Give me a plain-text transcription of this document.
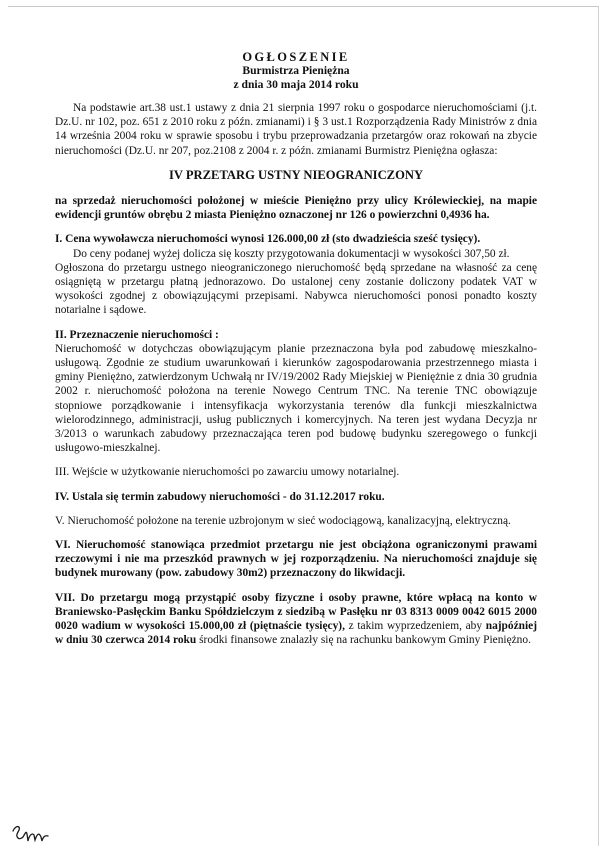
OGŁOSZENIE
Burmistrza Pieniężna
z dnia 30 maja 2014 roku
Na podstawie art.38 ust.1 ustawy z dnia 21 sierpnia 1997 roku o gospodarce nieruchomościami (j.t. Dz.U. nr 102, poz. 651 z 2010 roku z późn. zmianami) i § 3 ust.1 Rozporządzenia Rady Ministrów z dnia 14 września 2004 roku w sprawie sposobu i trybu przeprowadzania przetargów oraz rokowań na zbycie nieruchomości (Dz.U. nr 207, poz.2108 z 2004 r. z późn. zmianami Burmistrz Pieniężna ogłasza:
IV PRZETARG USTNY NIEOGRANICZONY
na sprzedaż nieruchomości położonej w mieście Pieniężno przy ulicy Królewieckiej, na mapie ewidencji gruntów obrębu 2 miasta Pieniężno oznaczonej nr 126 o powierzchni 0,4936 ha.
I. Cena wywoławcza nieruchomości wynosi 126.000,00 zł (sto dwadzieścia sześć tysięcy).
Do ceny podanej wyżej dolicza się koszty przygotowania dokumentacji w wysokości 307,50 zł.
Ogłoszona do przetargu ustnego nieograniczonego nieruchomość będą sprzedane na własność za cenę osiągniętą w przetargu płatną jednorazowo. Do ustalonej ceny zostanie doliczony podatek VAT w wysokości zgodnej z obowiązującymi przepisami. Nabywca nieruchomości ponosi ponadto koszty notarialne i sądowe.
II. Przeznaczenie nieruchomości :
Nieruchomość w dotychczas obowiązującym planie przeznaczona była pod zabudowę mieszkalno-usługową. Zgodnie ze studium uwarunkowań i kierunków zagospodarowania przestrzennego miasta i gminy Pieniężno, zatwierdzonym Uchwałą nr IV/19/2002 Rady Miejskiej w Pieniężnie z dnia 30 grudnia 2002 r. nieruchomość położona na terenie Nowego Centrum TNC. Na terenie TNC obowiązuje stopniowe porządkowanie i intensyfikacja wykorzystania terenów dla funkcji mieszkalnictwa wielorodzinnego, administracji, usług publicznych i komercyjnych. Na teren jest wydana Decyzja nr 3/2013 o warunkach zabudowy przeznaczająca teren pod budowę budynku szeregowego o funkcji usługowo-mieszkalnej.
III. Wejście w użytkowanie nieruchomości po zawarciu umowy notarialnej.
IV. Ustala się termin zabudowy nieruchomości - do 31.12.2017 roku.
V. Nieruchomość położone na terenie uzbrojonym w sieć wodociągową, kanalizacyjną, elektryczną.
VI. Nieruchomość stanowiąca przedmiot przetargu nie jest obciążona ograniczonymi prawami rzeczowymi i nie ma przeszkód prawnych w jej rozporządzeniu. Na nieruchomości znajduje się budynek murowany (pow. zabudowy 30m2) przeznaczony do likwidacji.
VII. Do przetargu mogą przystąpić osoby fizyczne i osoby prawne, które wpłacą na konto w Braniewsko-Pasłęckim Banku Spółdzielczym z siedzibą w Pasłęku nr 03 8313 0009 0042 6015 2000 0020 wadium w wysokości 15.000,00 zł (piętnaście tysięcy), z takim wyprzedzeniem, aby najpóźniej w dniu 30 czerwca 2014 roku środki finansowe znalazły się na rachunku bankowym Gminy Pieniężno.
